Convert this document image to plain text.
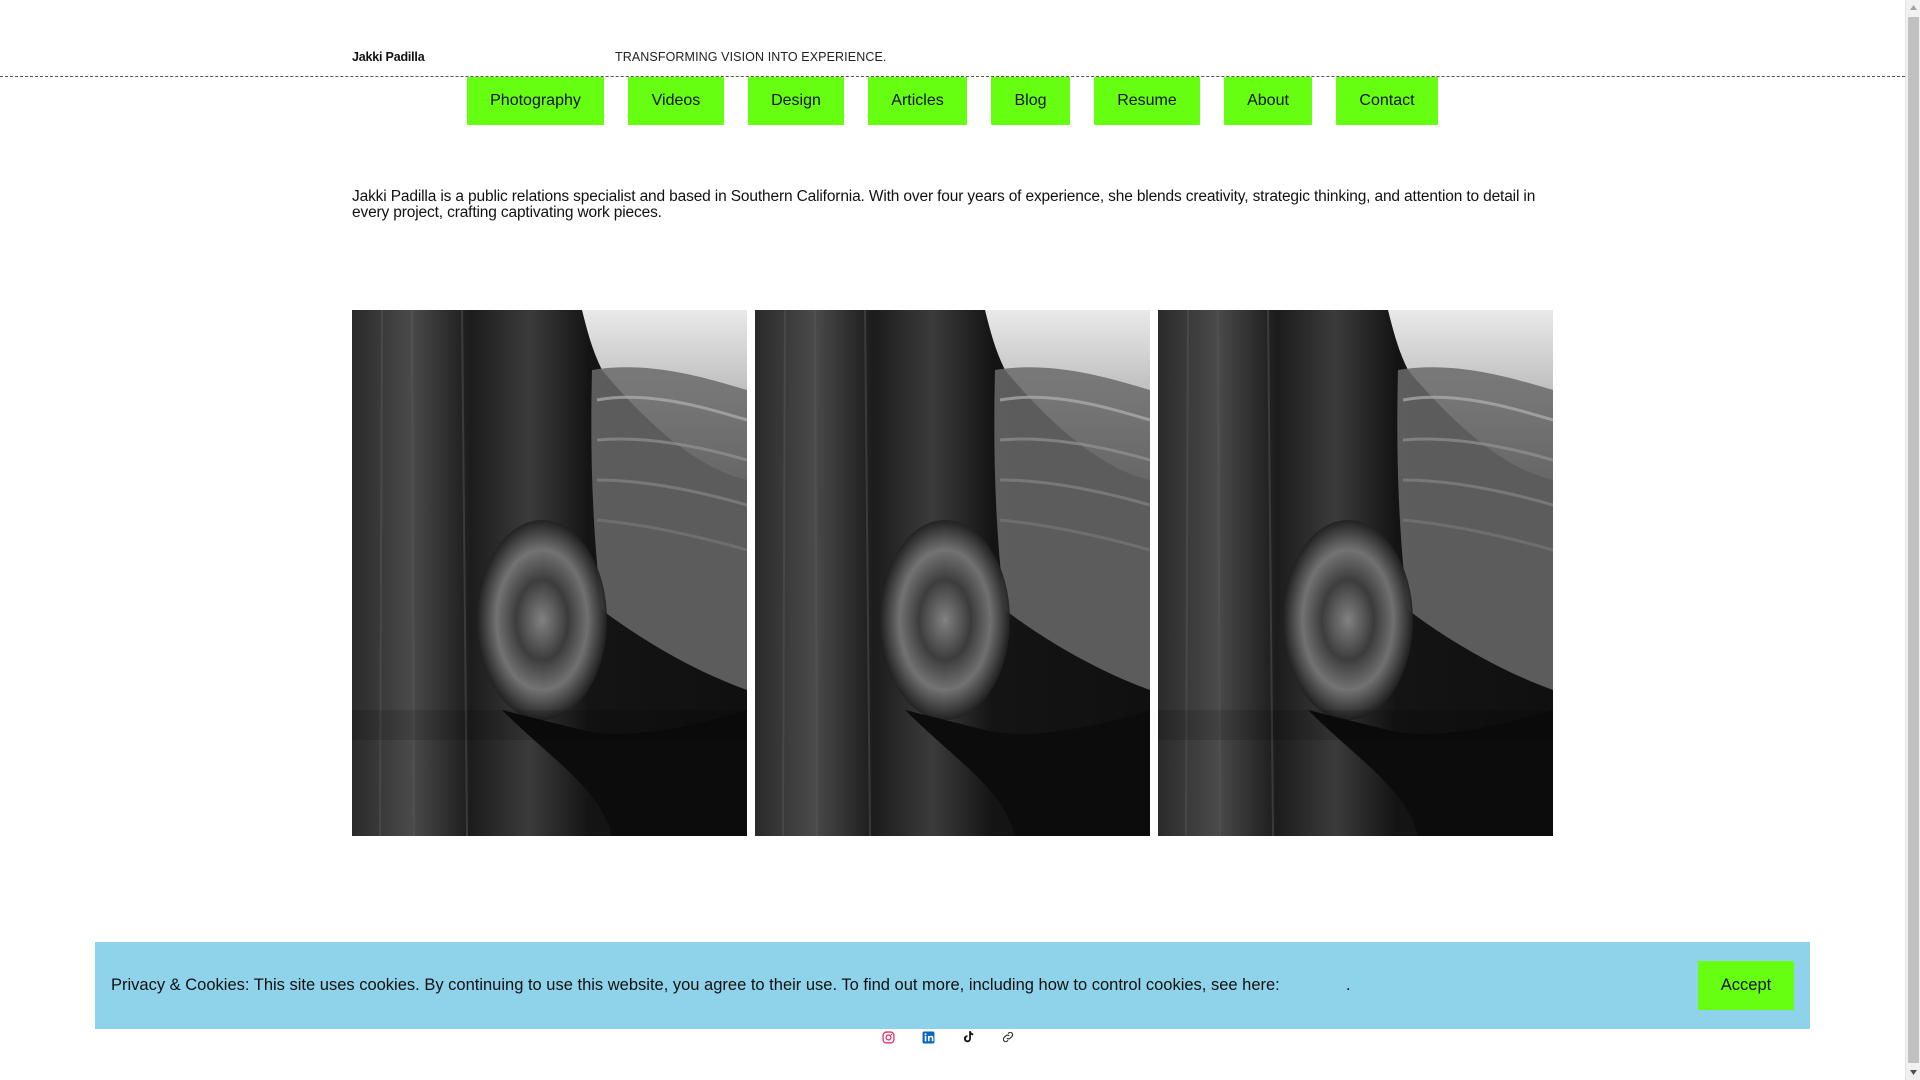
Jakki Padilla	TRANSFORMING VISION INTO EXPERIENCE.
Photography	Videos	Design	Articles	Blog	Resume	About	Contact

Jakki Padilla is a public relations specialist and based in Southern California. With over four years of experience, she blends creativity, strategic thinking, and attention to detail in every project, crafting captivating work pieces.

Privacy & Cookies: This site uses cookies. By continuing to use this website, you agree to their use. To find out more, including how to control cookies, see here:	.	Accept
